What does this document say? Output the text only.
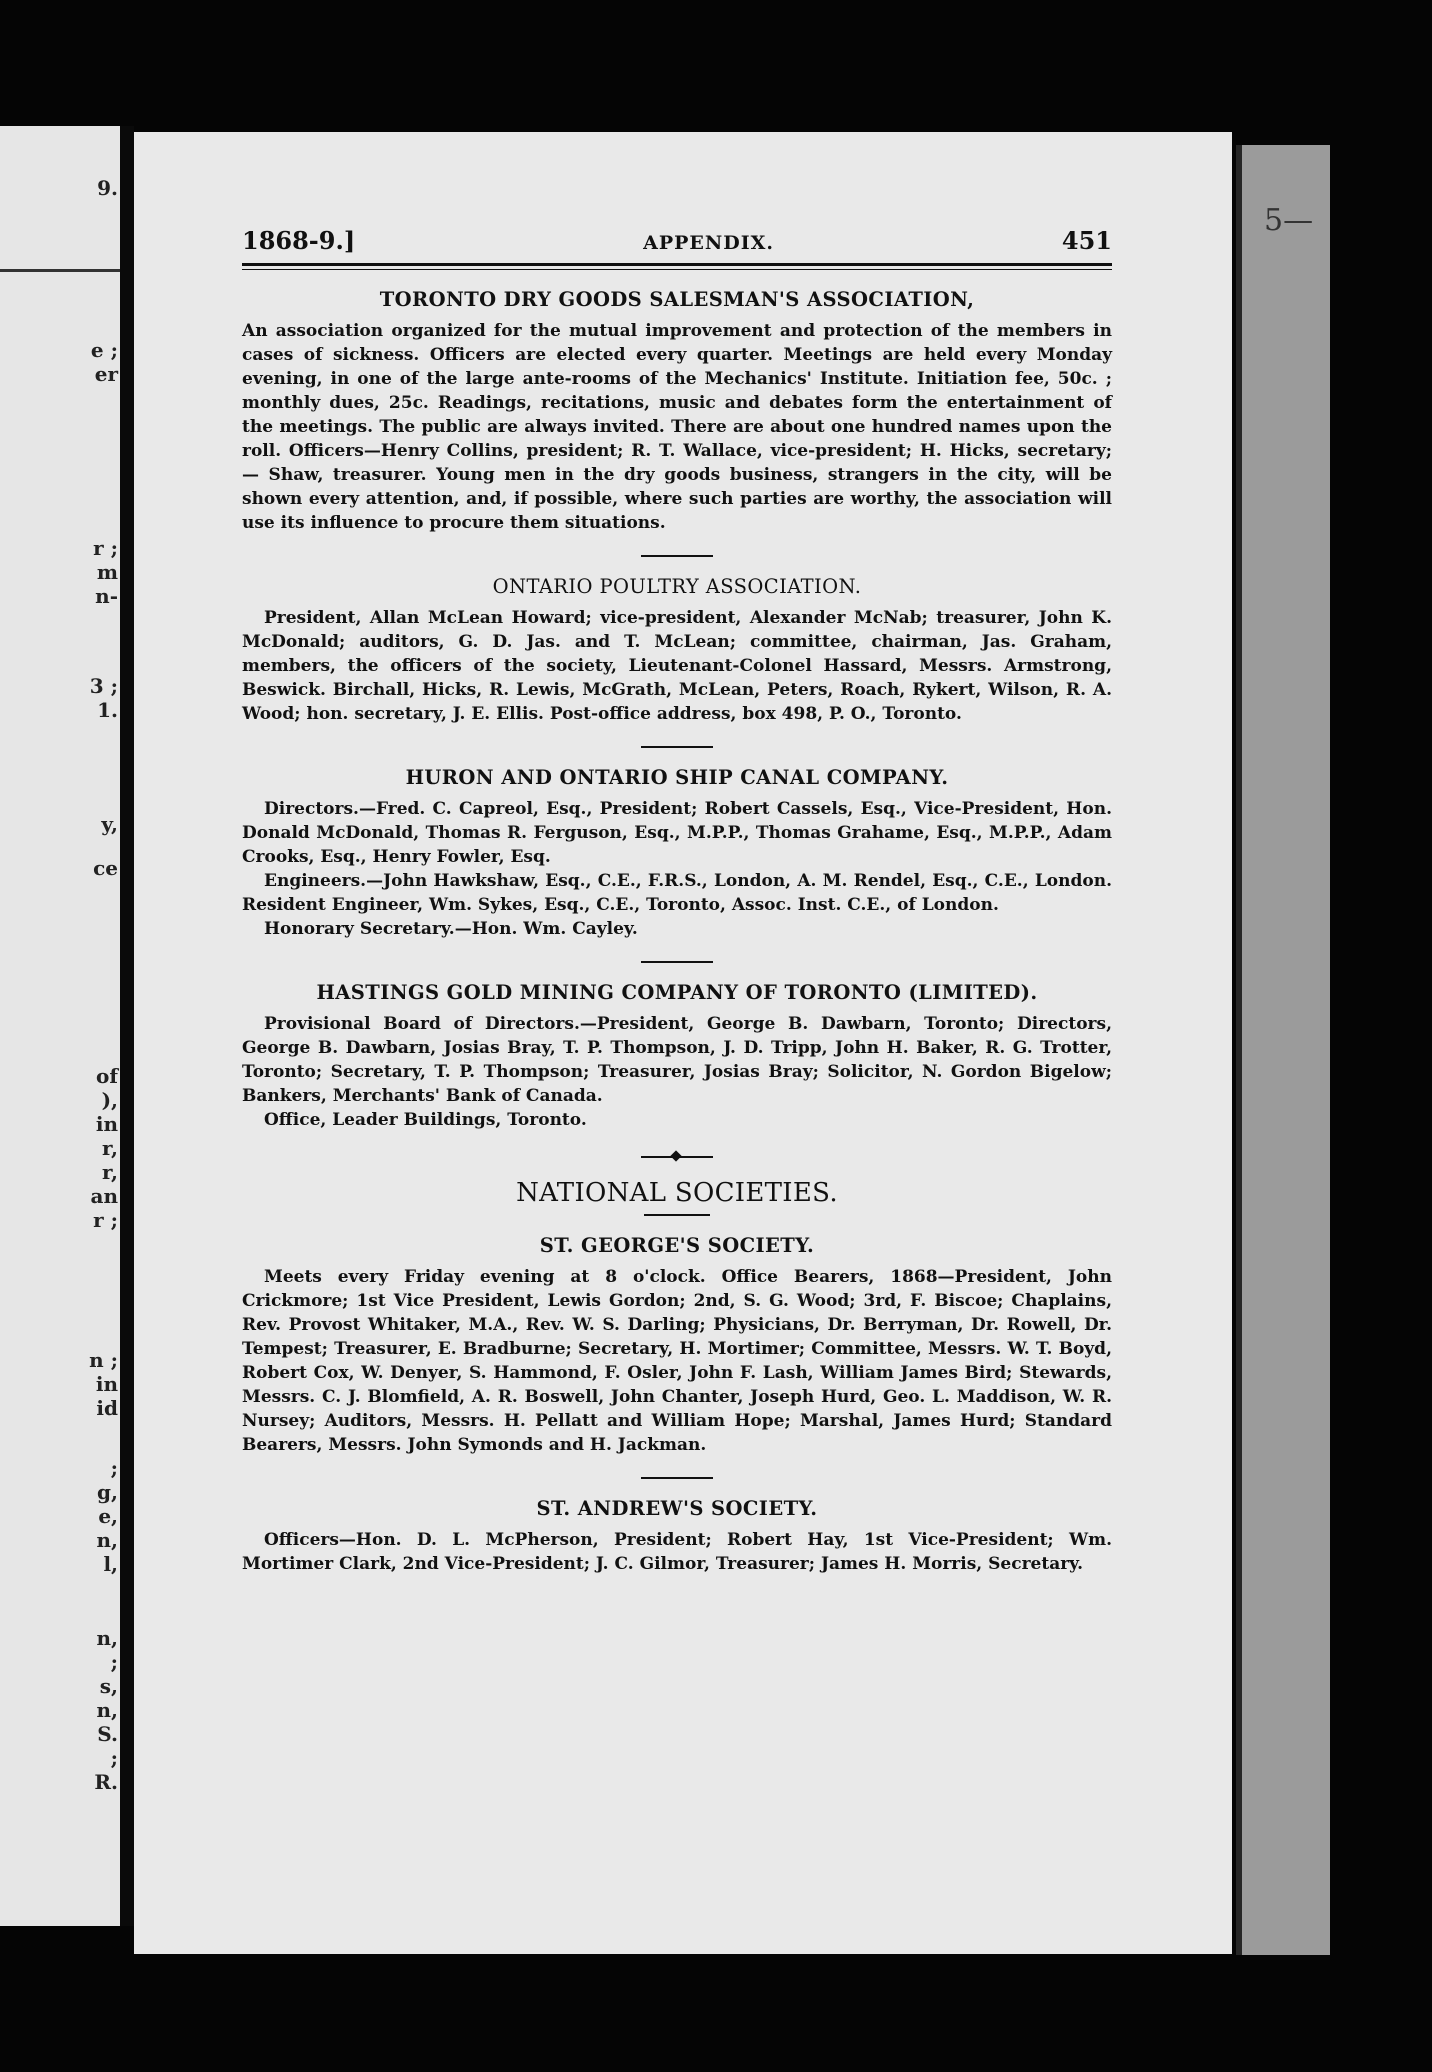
9.
e ;
er
r ;
m
n-
3 ;
1.
y,
ce
of
),
in
r,
r,
an
r ;
n ;
in
id
;
g,
e,
n,
l,
n,
;
s,
n,
S.
;
R.
5—
1868-9.]	APPENDIX.	451
TORONTO DRY GOODS SALESMAN'S ASSOCIATION,

An association organized for the mutual improvement and protection of the members in cases of sickness. Officers are elected every quarter. Meetings are held every Monday evening, in one of the large ante-rooms of the Mechanics' Institute. Initiation fee, 50c. ; monthly dues, 25c. Readings, recitations, music and debates form the entertainment of the meetings. The public are always invited. There are about one hundred names upon the roll. Officers—Henry Collins, president; R. T. Wallace, vice-president; H. Hicks, secretary; — Shaw, treasurer. Young men in the dry goods business, strangers in the city, will be shown every attention, and, if possible, where such parties are worthy, the association will use its influence to procure them situations.

ONTARIO POULTRY ASSOCIATION.

President, Allan McLean Howard; vice-president, Alexander McNab; treasurer, John K. McDonald; auditors, G. D. Jas. and T. McLean; committee, chairman, Jas. Graham, members, the officers of the society, Lieutenant-Colonel Hassard, Messrs. Armstrong, Beswick. Birchall, Hicks, R. Lewis, McGrath, McLean, Peters, Roach, Rykert, Wilson, R. A. Wood; hon. secretary, J. E. Ellis. Post-office address, box 498, P. O., Toronto.

HURON AND ONTARIO SHIP CANAL COMPANY.

Directors.—Fred. C. Capreol, Esq., President; Robert Cassels, Esq., Vice-President, Hon. Donald McDonald, Thomas R. Ferguson, Esq., M.P.P., Thomas Grahame, Esq., M.P.P., Adam Crooks, Esq., Henry Fowler, Esq.

Engineers.—John Hawkshaw, Esq., C.E., F.R.S., London, A. M. Rendel, Esq., C.E., London. Resident Engineer, Wm. Sykes, Esq., C.E., Toronto, Assoc. Inst. C.E., of London.

Honorary Secretary.—Hon. Wm. Cayley.

HASTINGS GOLD MINING COMPANY OF TORONTO (LIMITED).

Provisional Board of Directors.—President, George B. Dawbarn, Toronto; Directors, George B. Dawbarn, Josias Bray, T. P. Thompson, J. D. Tripp, John H. Baker, R. G. Trotter, Toronto; Secretary, T. P. Thompson; Treasurer, Josias Bray; Solicitor, N. Gordon Bigelow; Bankers, Merchants' Bank of Canada.

Office, Leader Buildings, Toronto.

NATIONAL SOCIETIES.
ST. GEORGE'S SOCIETY.

Meets every Friday evening at 8 o'clock. Office Bearers, 1868—President, John Crickmore; 1st Vice President, Lewis Gordon; 2nd, S. G. Wood; 3rd, F. Biscoe; Chaplains, Rev. Provost Whitaker, M.A., Rev. W. S. Darling; Physicians, Dr. Berryman, Dr. Rowell, Dr. Tempest; Treasurer, E. Bradburne; Secretary, H. Mortimer; Committee, Messrs. W. T. Boyd, Robert Cox, W. Denyer, S. Hammond, F. Osler, John F. Lash, William James Bird; Stewards, Messrs. C. J. Blomfield, A. R. Boswell, John Chanter, Joseph Hurd, Geo. L. Maddison, W. R. Nursey; Auditors, Messrs. H. Pellatt and William Hope; Marshal, James Hurd; Standard Bearers, Messrs. John Symonds and H. Jackman.

ST. ANDREW'S SOCIETY.

Officers—Hon. D. L. McPherson, President; Robert Hay, 1st Vice-President; Wm. Mortimer Clark, 2nd Vice-President; J. C. Gilmor, Treasurer; James H. Morris, Secretary.
